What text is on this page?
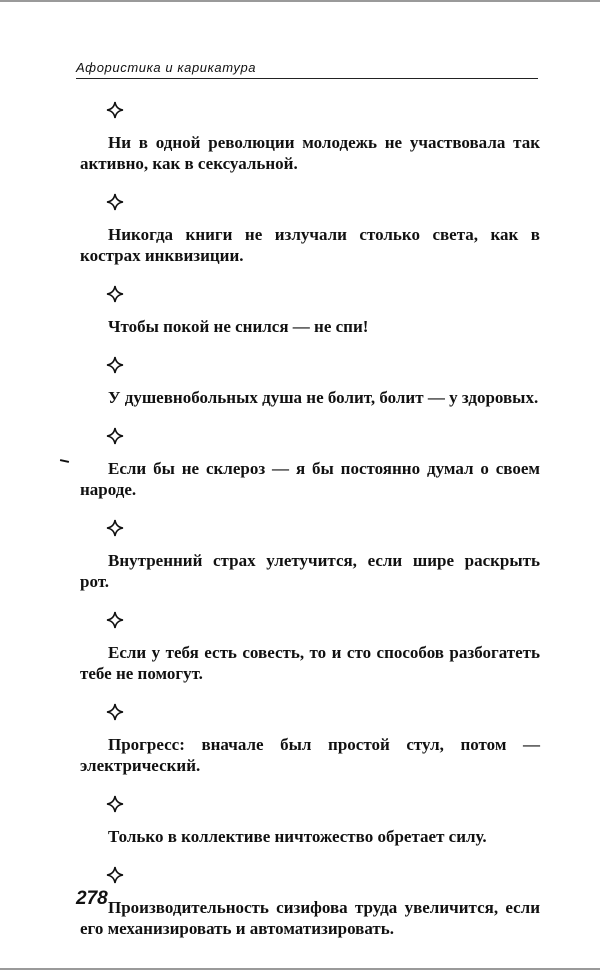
Афористика и карикатура

Ни в одной революции молодежь не участвовала так активно, как в сексуальной.

Никогда книги не излучали столько света, как в кострах инквизиции.

Чтобы покой не снился — не спи!

У душевнобольных душа не болит, болит — у здоровых.

Если бы не склероз — я бы постоянно думал о своем народе.

Внутренний страх улетучится, если шире раскрыть рот.

Если у тебя есть совесть, то и сто способов разбогатеть тебе не помогут.

Прогресс: вначале был простой стул, потом — электрический.

Только в коллективе ничтожество обретает силу.

Производительность сизифова труда увеличится, если его механизировать и автоматизировать.

278
